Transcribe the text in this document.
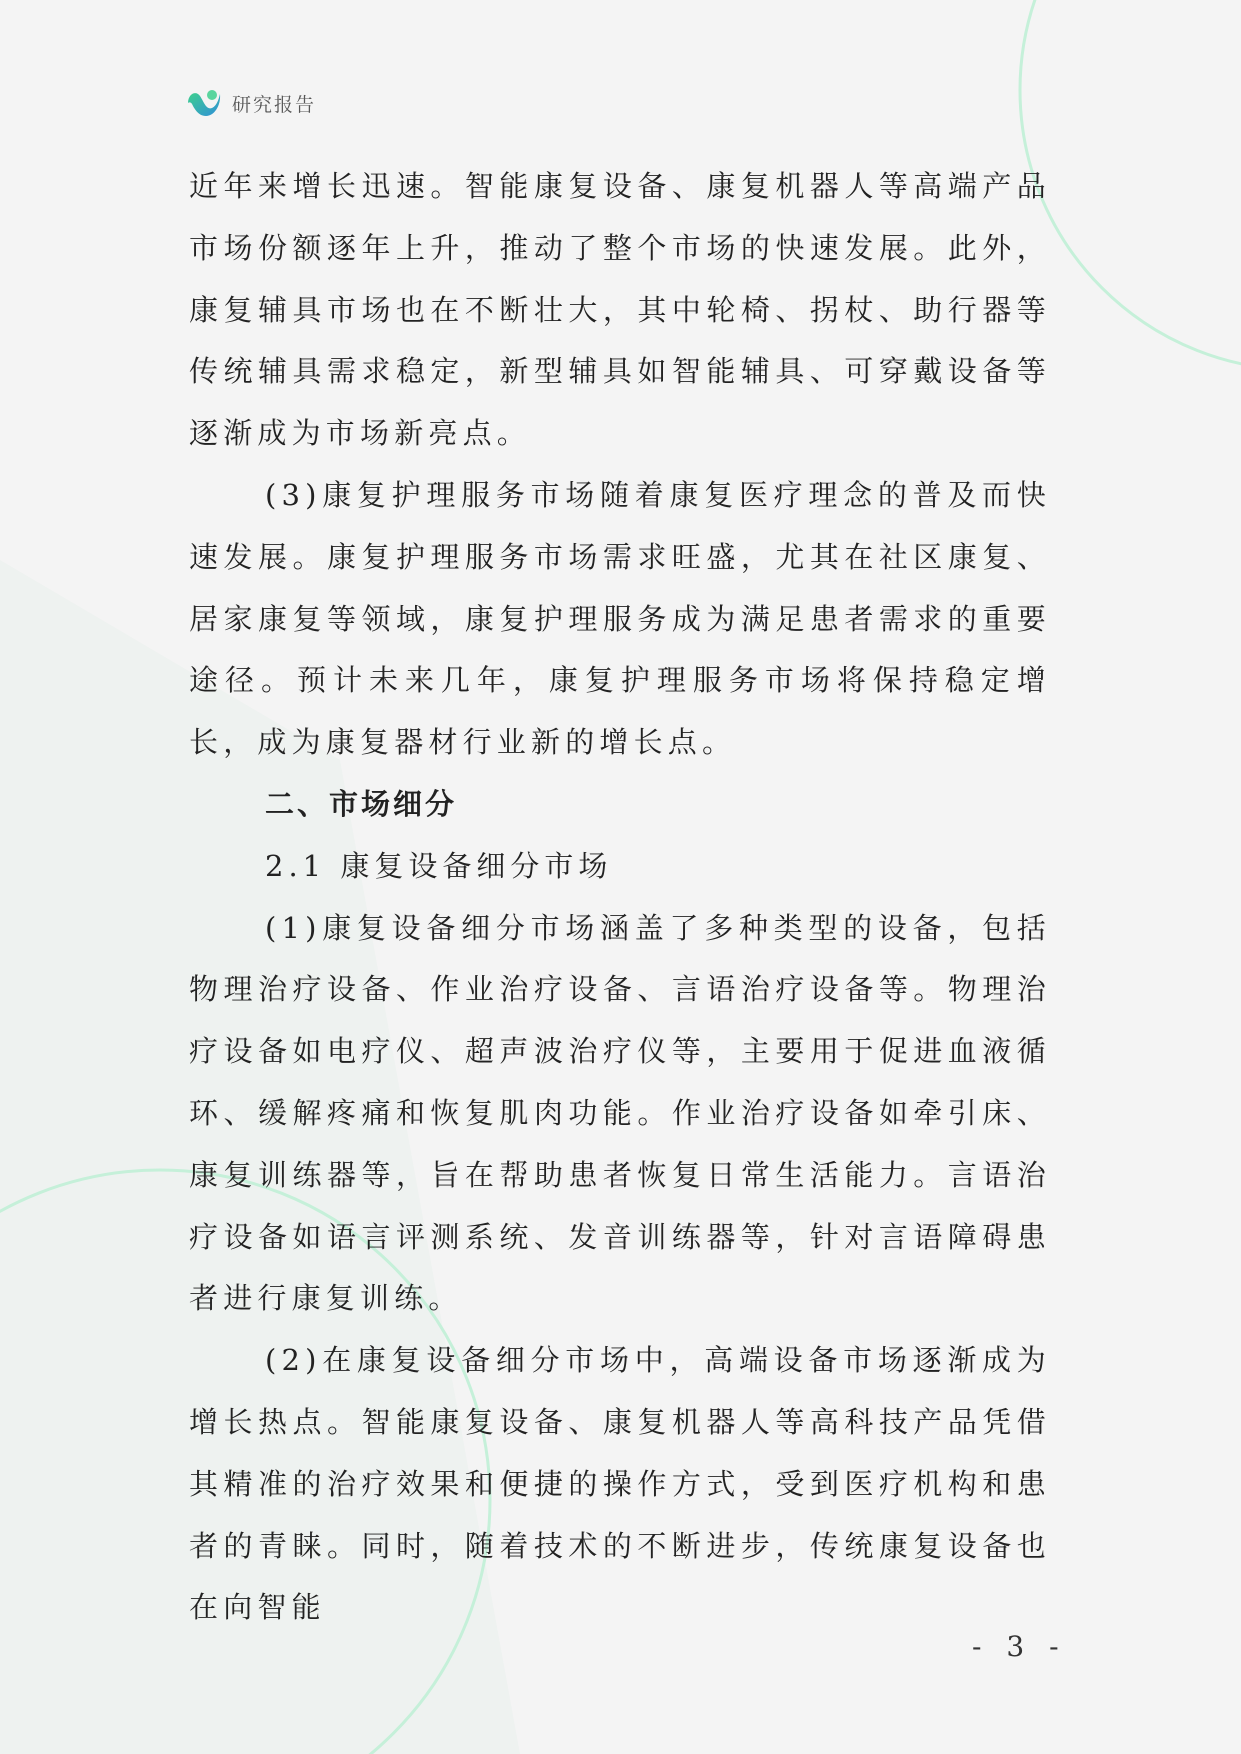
研究报告

近年来增长迅速。智能康复设备、康复机器人等高端产品市场份额逐年上升，推动了整个市场的快速发展。此外，康复辅具市场也在不断壮大，其中轮椅、拐杖、助行器等传统辅具需求稳定，新型辅具如智能辅具、可穿戴设备等逐渐成为市场新亮点。

(3)康复护理服务市场随着康复医疗理念的普及而快速发展。康复护理服务市场需求旺盛，尤其在社区康复、居家康复等领域，康复护理服务成为满足患者需求的重要途径。预计未来几年，康复护理服务市场将保持稳定增长，成为康复器材行业新的增长点。

二、市场细分
2.1 康复设备细分市场

(1)康复设备细分市场涵盖了多种类型的设备，包括物理治疗设备、作业治疗设备、言语治疗设备等。物理治疗设备如电疗仪、超声波治疗仪等，主要用于促进血液循环、缓解疼痛和恢复肌肉功能。作业治疗设备如牵引床、康复训练器等，旨在帮助患者恢复日常生活能力。言语治疗设备如语言评测系统、发音训练器等，针对言语障碍患者进行康复训练。

(2)在康复设备细分市场中，高端设备市场逐渐成为增长热点。智能康复设备、康复机器人等高科技产品凭借其精准的治疗效果和便捷的操作方式，受到医疗机构和患者的青睐。同时，随着技术的不断进步，传统康复设备也在向智能

- 3 -
